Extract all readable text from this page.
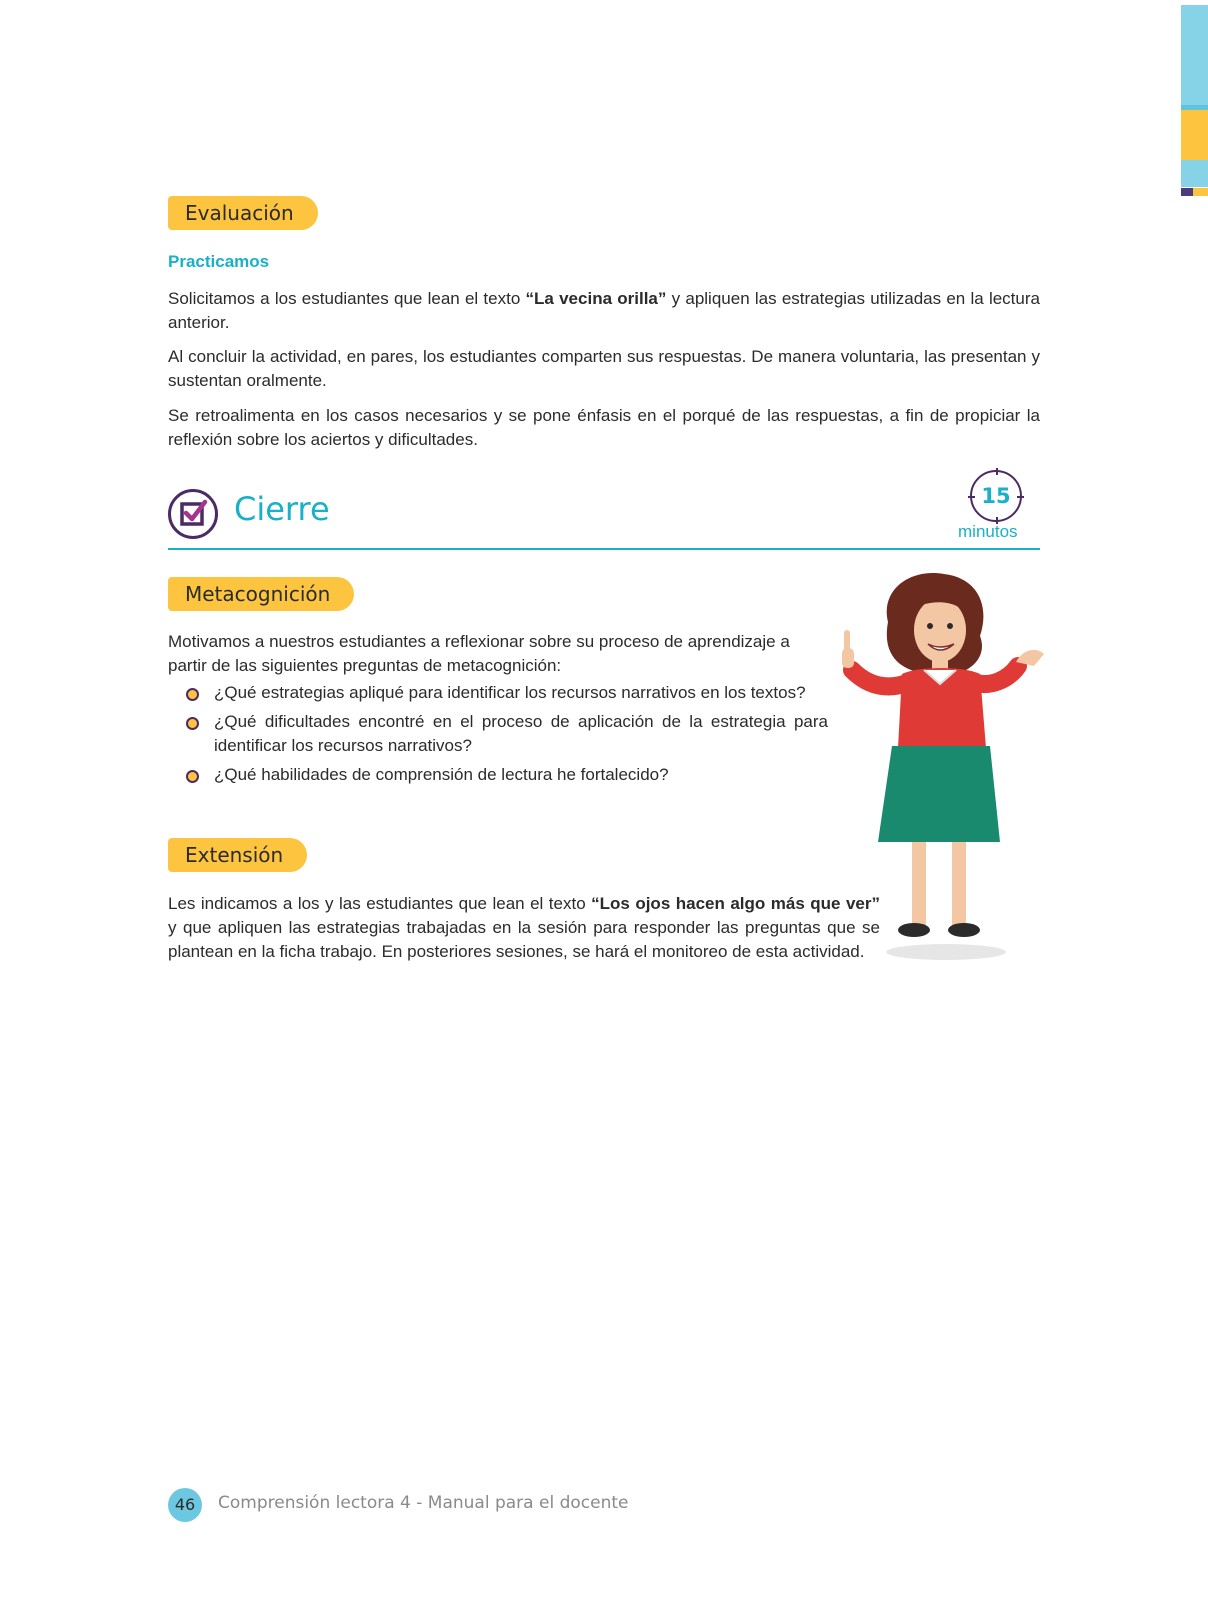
Evaluación
Practicamos

Solicitamos a los estudiantes que lean el texto “La vecina orilla” y apliquen las estrategias utilizadas en la lectura anterior.

Al concluir la actividad, en pares, los estudiantes comparten sus respuestas. De manera voluntaria, las presentan y sustentan oralmente.

Se retroalimenta en los casos necesarios y se pone énfasis en el porqué de las respuestas, a fin de propiciar la reflexión sobre los aciertos y dificultades.

Cierre	15
minutos
Metacognición

Motivamos a nuestros estudiantes a reflexionar sobre su proceso de aprendizaje a partir de las siguientes preguntas de metacognición:

¿Qué estrategias apliqué para identificar los recursos narrativos en los textos?
¿Qué dificultades encontré en el proceso de aplicación de la estrategia para identificar los recursos narrativos?
¿Qué habilidades de comprensión de lectura he fortalecido?
Extensión

Les indicamos a los y las estudiantes que lean el texto “Los ojos hacen algo más que ver” y que apliquen las estrategias trabajadas en la sesión para responder las preguntas que se plantean en la ficha trabajo. En posteriores sesiones, se hará el monitoreo de esta actividad.

46	Comprensión lectora 4 - Manual para el docente
